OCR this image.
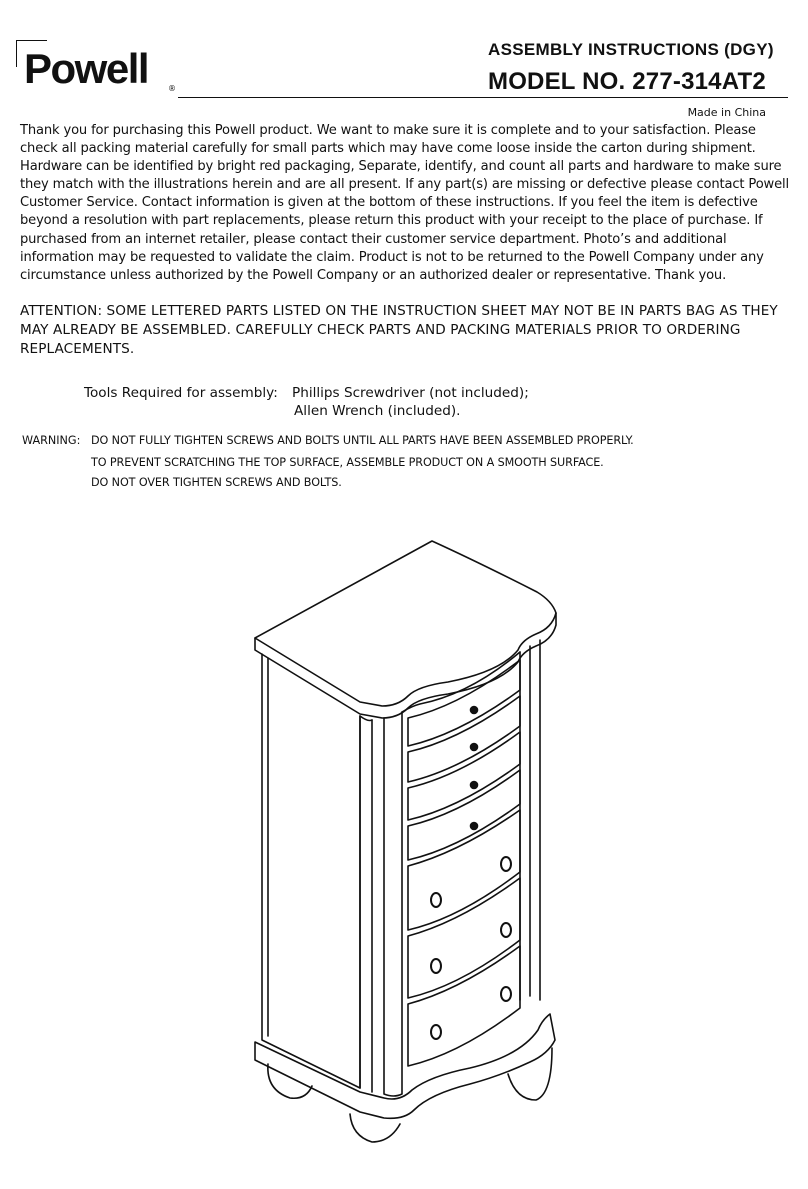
Powell ®
ASSEMBLY INSTRUCTIONS (DGY)
MODEL NO. 277-314AT2
Made in China

Thank you for purchasing this Powell product. We want to make sure it is complete and to your satisfaction. Please check all packing material carefully for small parts which may have come loose inside the carton during shipment. Hardware can be identified by bright red packaging, Separate, identify, and count all parts and hardware to make sure they match with the illustrations herein and are all present. If any part(s) are missing or defective please contact Powell Customer Service. Contact information is given at the bottom of these instructions. If you feel the item is defective beyond a resolution with part replacements, please return this product with your receipt to the place of purchase. If purchased from an internet retailer, please contact their customer service department. Photo’s and additional information may be requested to validate the claim. Product is not to be returned to the Powell Company under any circumstance unless authorized by the Powell Company or an authorized dealer or representative. Thank you.

ATTENTION: SOME LETTERED PARTS LISTED ON THE INSTRUCTION SHEET MAY NOT BE IN PARTS BAG AS THEY MAY ALREADY BE ASSEMBLED. CAREFULLY CHECK PARTS AND PACKING MATERIALS PRIOR TO ORDERING REPLACEMENTS.

Tools Required for assembly: Phillips Screwdriver (not included);
Allen Wrench (included).
WARNING: DO NOT FULLY TIGHTEN SCREWS AND BOLTS UNTIL ALL PARTS HAVE BEEN ASSEMBLED PROPERLY.
TO PREVENT SCRATCHING THE TOP SURFACE, ASSEMBLE PRODUCT ON A SMOOTH SURFACE.
DO NOT OVER TIGHTEN SCREWS AND BOLTS.
